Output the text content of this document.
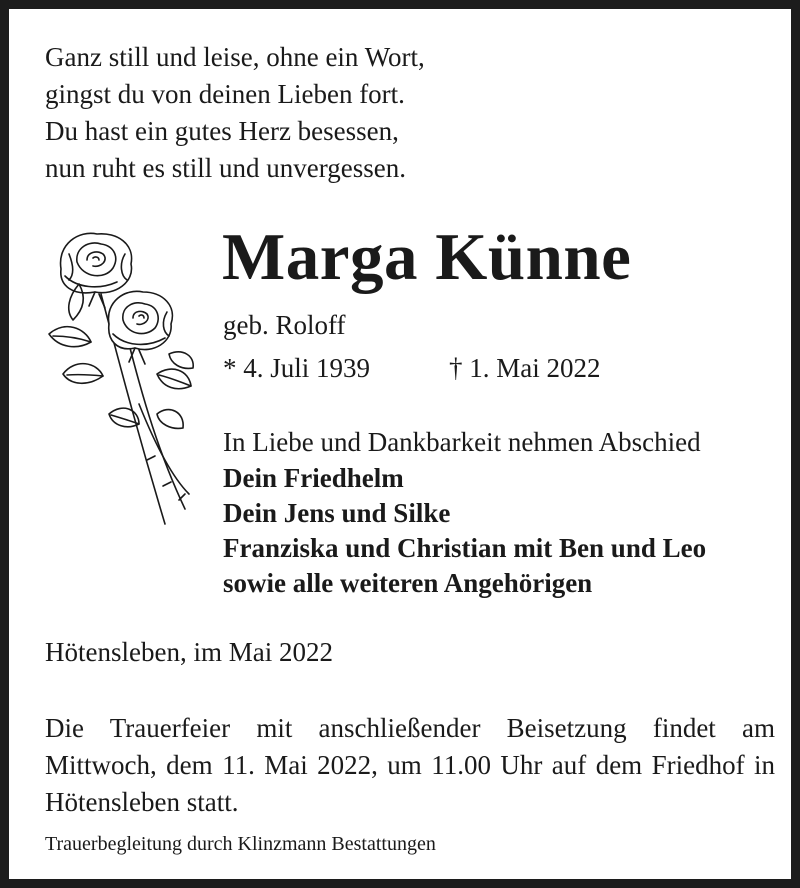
Ganz still und leise, ohne ein Wort,
gingst du von deinen Lieben fort.
Du hast ein gutes Herz besessen,
nun ruht es still und unvergessen.
Marga Künne
geb. Roloff
* 4. Juli 1939	† 1. Mai 2022
In Liebe und Dankbarkeit nehmen Abschied
Dein Friedhelm
Dein Jens und Silke
Franziska und Christian mit Ben und Leo
sowie alle weiteren Angehörigen
Hötensleben, im Mai 2022
Die Trauerfeier mit anschließender Beisetzung findet am Mittwoch, dem 11. Mai 2022, um 11.00 Uhr auf dem Friedhof in Hötensleben statt.
Trauerbegleitung durch Klinzmann Bestattungen
